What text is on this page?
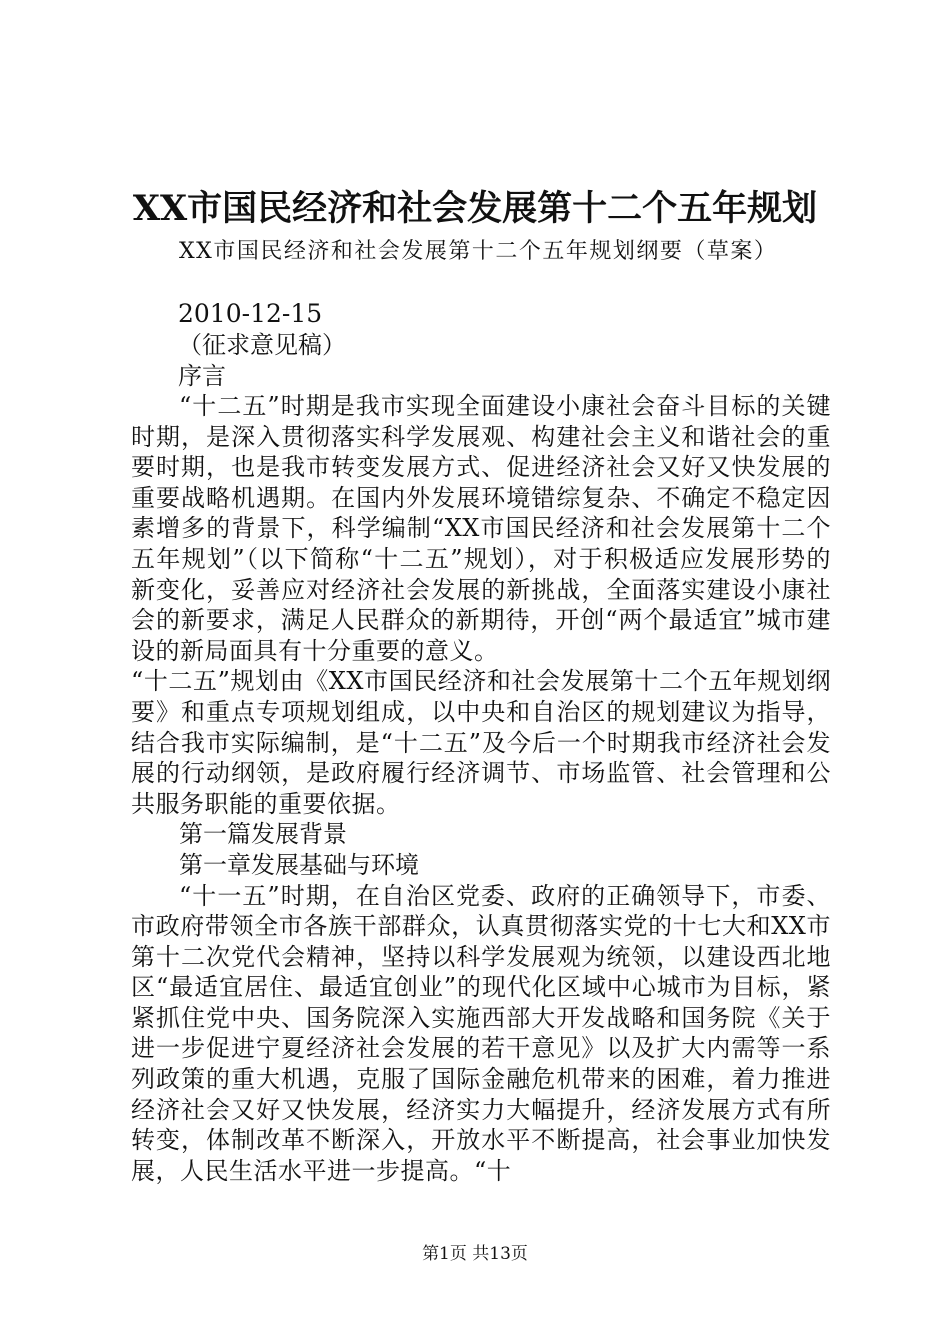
XX市国民经济和社会发展第十二个五年规划
XX市国民经济和社会发展第十二个五年规划纲要（草案）
2010-12-15
（征求意见稿）
序言

“十二五”时期是我市实现全面建设小康社会奋斗目标的关键时期，是深入贯彻落实科学发展观、构建社会主义和谐社会的重要时期，也是我市转变发展方式、促进经济社会又好又快发展的重要战略机遇期。在国内外发展环境错综复杂、不确定不稳定因素增多的背景下，科学编制“XX市国民经济和社会发展第十二个五年规划”（以下简称“十二五”规划），对于积极适应发展形势的新变化，妥善应对经济社会发展的新挑战，全面落实建设小康社会的新要求，满足人民群众的新期待，开创“两个最适宜”城市建设的新局面具有十分重要的意义。

“十二五”规划由《XX市国民经济和社会发展第十二个五年规划纲要》和重点专项规划组成，以中央和自治区的规划建议为指导，结合我市实际编制，是“十二五”及今后一个时期我市经济社会发展的行动纲领，是政府履行经济调节、市场监管、社会管理和公共服务职能的重要依据。

第一篇发展背景

第一章发展基础与环境

“十一五”时期，在自治区党委、政府的正确领导下，市委、市政府带领全市各族干部群众，认真贯彻落实党的十七大和XX市第十二次党代会精神，坚持以科学发展观为统领，以建设西北地区“最适宜居住、最适宜创业”的现代化区域中心城市为目标，紧紧抓住党中央、国务院深入实施西部大开发战略和国务院《关于进一步促进宁夏经济社会发展的若干意见》以及扩大内需等一系列政策的重大机遇，克服了国际金融危机带来的困难，着力推进经济社会又好又快发展，经济实力大幅提升，经济发展方式有所转变，体制改革不断深入，开放水平不断提高，社会事业加快发展，人民生活水平进一步提高。“十

第1页 共13页
